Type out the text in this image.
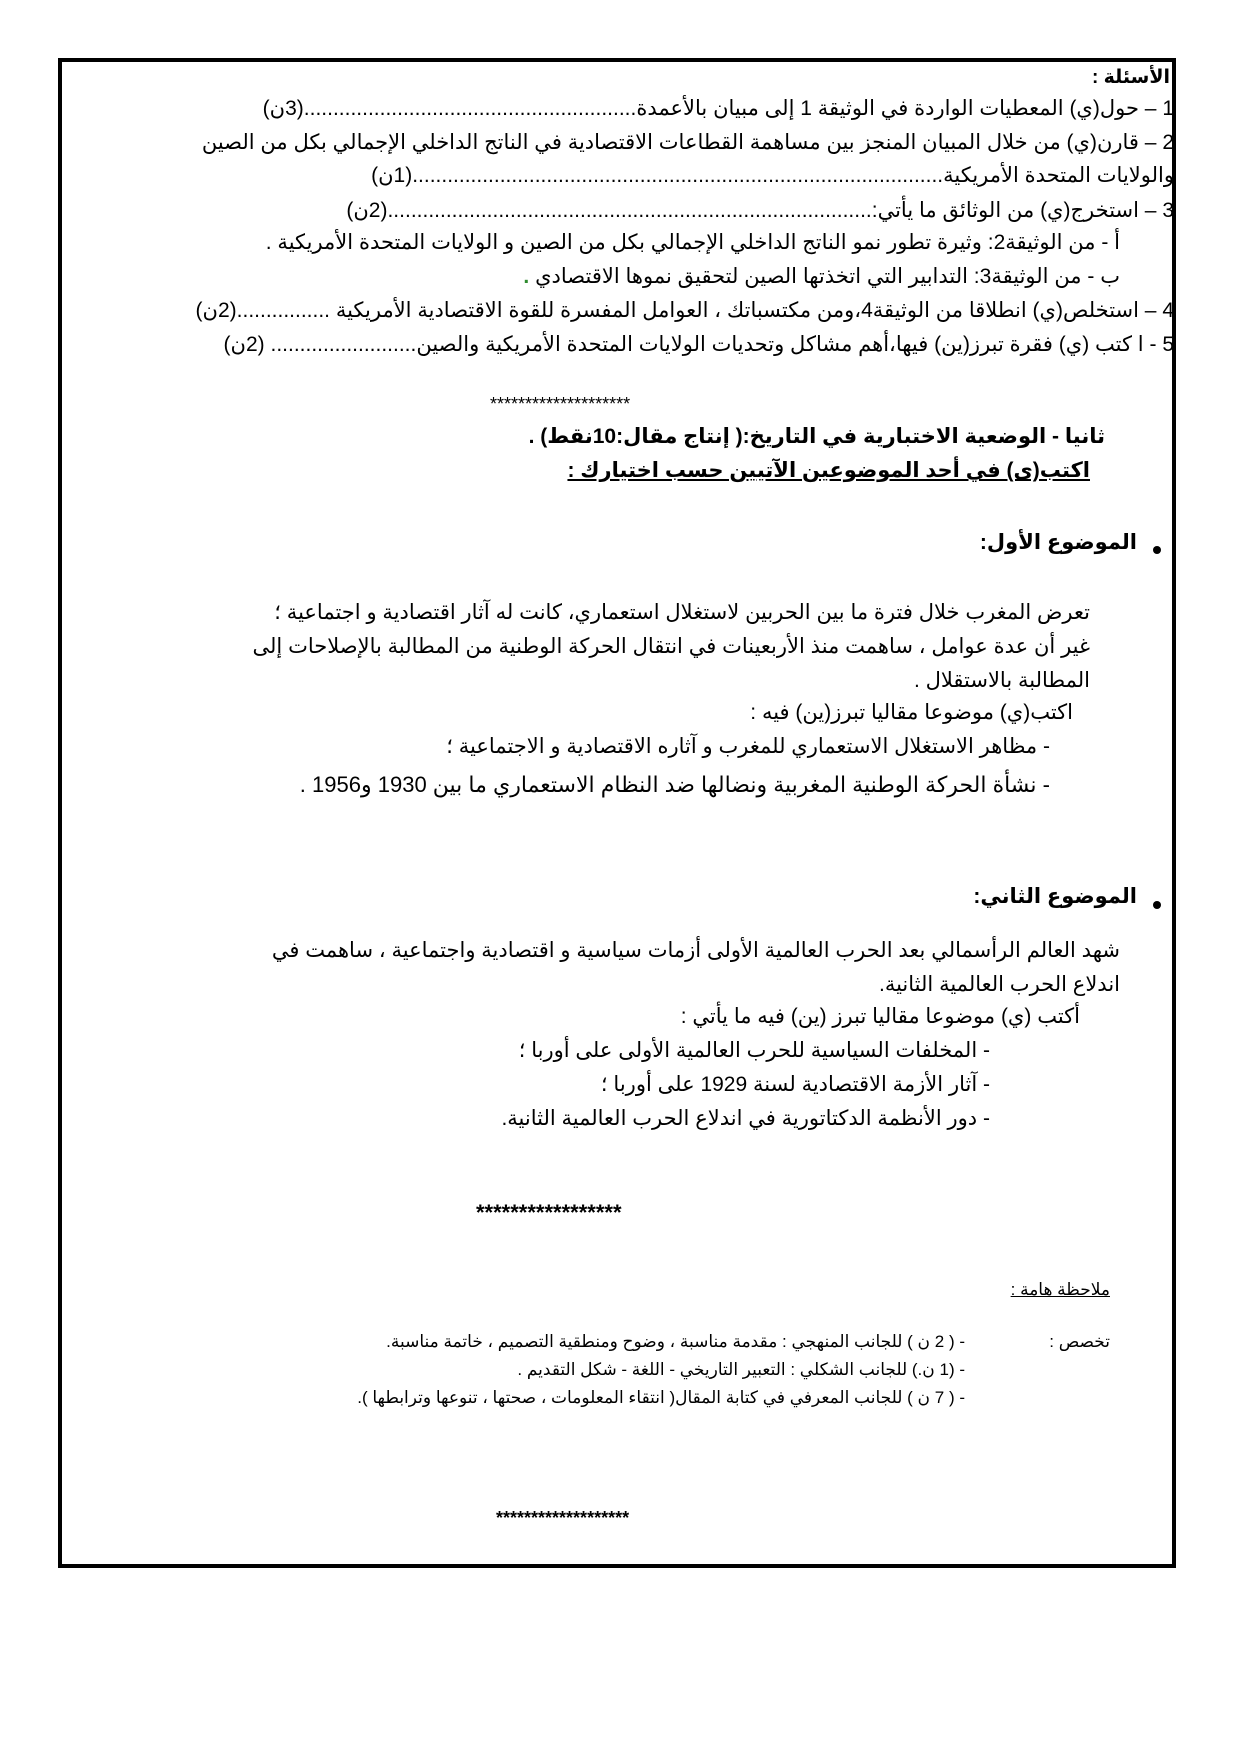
الأسئلة :
1 – حول(ي) المعطيات الواردة في الوثيقة 1 إلى مبيان بالأعمدة.........................................................(3ن)
2 – قارن(ي) من خلال المبيان المنجز بين مساهمة القطاعات الاقتصادية في الناتج الداخلي الإجمالي بكل من الصين
والولايات المتحدة الأمريكية...........................................................................................(1ن)
3 – استخرج(ي) من الوثائق ما يأتي:...................................................................................(2ن)
أ - من الوثيقة2: وثيرة تطور نمو الناتج الداخلي الإجمالي بكل من الصين و الولايات المتحدة الأمريكية .
ب - من الوثيقة3: التدابير التي اتخذتها الصين لتحقيق نموها الاقتصادي .
4 – استخلص(ي) انطلاقا من الوثيقة4،ومن مكتسباتك ، العوامل المفسرة للقوة الاقتصادية الأمريكية ................(2ن)
5 - ا كتب (ي) فقرة تبرز(ين) فيها،أهم مشاكل وتحديات الولايات المتحدة الأمريكية والصين......................... (2ن)
********************
ثانيا - الوضعية الاختبارية في التاريخ:( إنتاج مقال:10نقط) .
اكتب(ى) في أحد الموضوعين الآتيين حسب اختيارك :
الموضوع الأول:
تعرض المغرب خلال فترة ما بين الحربين لاستغلال استعماري، كانت له آثار اقتصادية و اجتماعية ؛
غير أن عدة عوامل ، ساهمت منذ الأربعينات في انتقال الحركة الوطنية من المطالبة بالإصلاحات إلى
المطالبة بالاستقلال .
اكتب(ي) موضوعا مقاليا تبرز(ين) فيه :
- مظاهر الاستغلال الاستعماري للمغرب و آثاره الاقتصادية و الاجتماعية ؛
- نشأة الحركة الوطنية المغربية ونضالها ضد النظام الاستعماري ما بين 1930 و1956 .
الموضوع الثاني:
شهد العالم الرأسمالي بعد الحرب العالمية الأولى أزمات سياسية و اقتصادية واجتماعية ، ساهمت في
اندلاع الحرب العالمية الثانية.
أكتب (ي) موضوعا مقاليا تبرز (ين) فيه ما يأتي :
- المخلفات السياسية للحرب العالمية الأولى على أوربا ؛
- آثار الأزمة الاقتصادية لسنة 1929 على أوربا ؛
- دور الأنظمة الدكتاتورية في اندلاع الحرب العالمية الثانية.
*****************
ملاحظة هامة :
تخصص :
- ( 2 ن ) للجانب المنهجي : مقدمة مناسبة ، وضوح ومنطقية التصميم ، خاتمة مناسبة.
- (1 ن.) للجانب الشكلي : التعبير التاريخي - اللغة - شكل التقديم .
- ( 7 ن ) للجانب المعرفي في كتابة المقال( انتقاء المعلومات ، صحتها ، تنوعها وترابطها ).
*******************
